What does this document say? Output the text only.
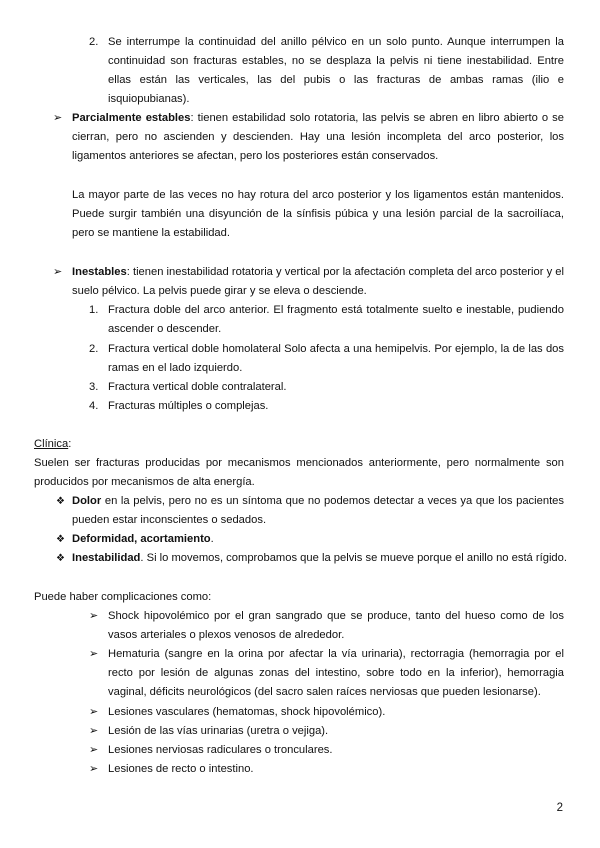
2. Se interrumpe la continuidad del anillo pélvico en un solo punto. Aunque interrumpen la continuidad son fracturas estables, no se desplaza la pelvis ni tiene inestabilidad. Entre ellas están las verticales, las del pubis o las fracturas de ambas ramas (ilio e isquiopubianas).
➢ Parcialmente estables: tienen estabilidad solo rotatoria, las pelvis se abren en libro abierto o se cierran, pero no ascienden y descienden. Hay una lesión incompleta del arco posterior, los ligamentos anteriores se afectan, pero los posteriores están conservados.
La mayor parte de las veces no hay rotura del arco posterior y los ligamentos están mantenidos. Puede surgir también una disyunción de la sínfisis púbica y una lesión parcial de la sacroilíaca, pero se mantiene la estabilidad.
➢ Inestables: tienen inestabilidad rotatoria y vertical por la afectación completa del arco posterior y el suelo pélvico. La pelvis puede girar y se eleva o desciende.
1. Fractura doble del arco anterior. El fragmento está totalmente suelto e inestable, pudiendo ascender o descender.
2. Fractura vertical doble homolateral Solo afecta a una hemipelvis. Por ejemplo, la de las dos ramas en el lado izquierdo.
3. Fractura vertical doble contralateral.
4. Fracturas múltiples o complejas.
Clínica:
Suelen ser fracturas producidas por mecanismos mencionados anteriormente, pero normalmente son producidos por mecanismos de alta energía.
❖ Dolor en la pelvis, pero no es un síntoma que no podemos detectar a veces ya que los pacientes pueden estar inconscientes o sedados.
❖ Deformidad, acortamiento.
❖ Inestabilidad. Si lo movemos, comprobamos que la pelvis se mueve porque el anillo no está rígido.
Puede haber complicaciones como:
➢ Shock hipovolémico por el gran sangrado que se produce, tanto del hueso como de los vasos arteriales o plexos venosos de alrededor.
➢ Hematuria (sangre en la orina por afectar la vía urinaria), rectorragia (hemorragia por el recto por lesión de algunas zonas del intestino, sobre todo en la inferior), hemorragia vaginal, déficits neurológicos (del sacro salen raíces nerviosas que pueden lesionarse).
➢ Lesiones vasculares (hematomas, shock hipovolémico).
➢ Lesión de las vías urinarias (uretra o vejiga).
➢ Lesiones nerviosas radiculares o tronculares.
➢ Lesiones de recto o intestino.
2
